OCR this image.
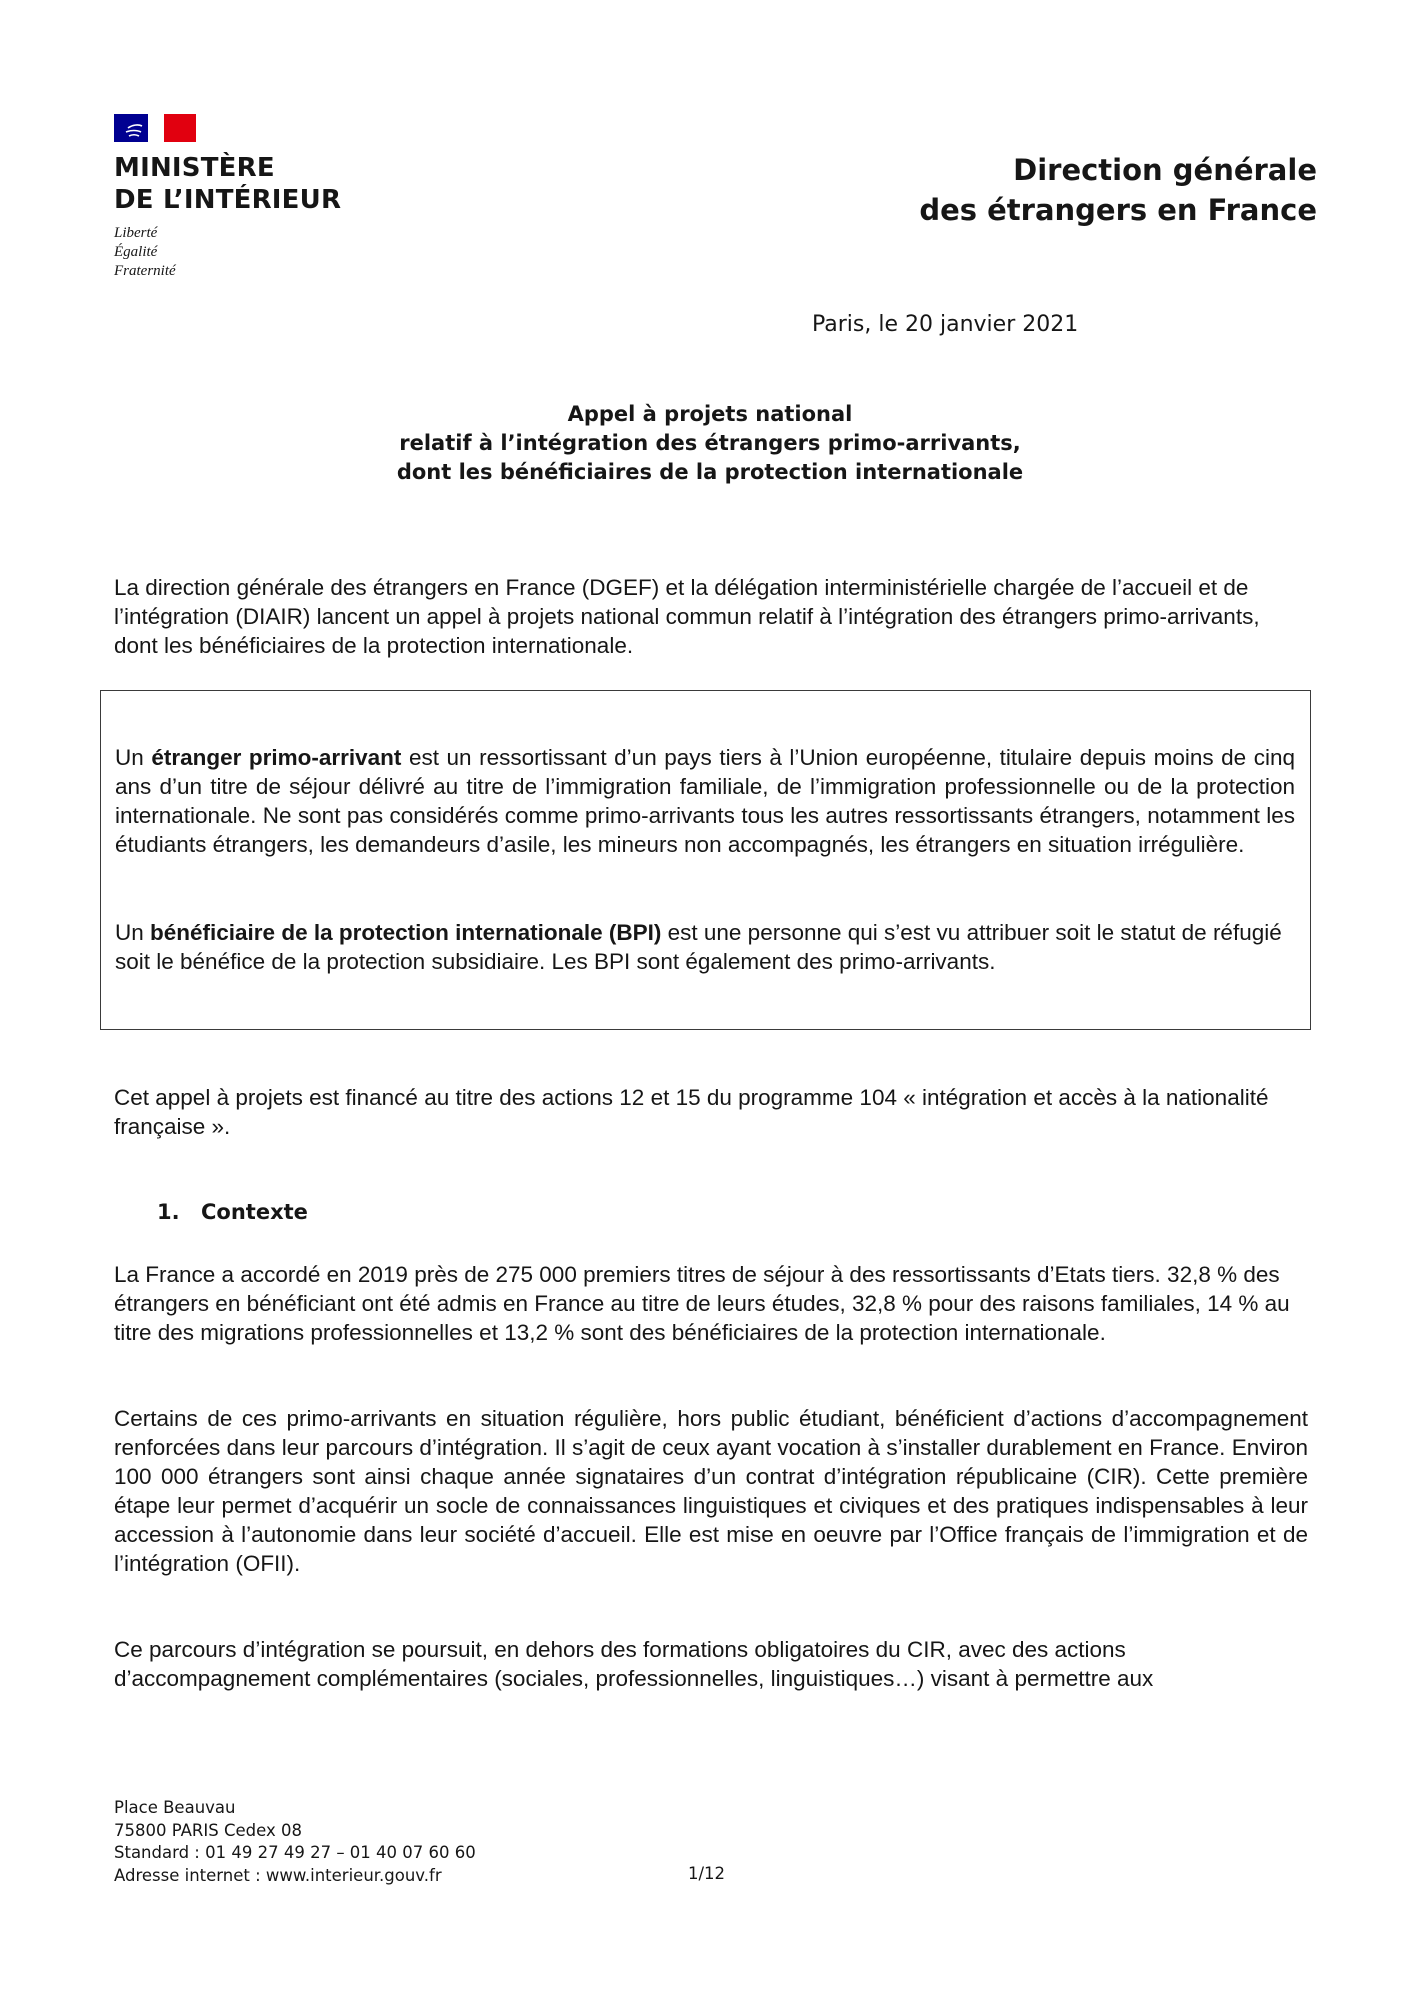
MINISTÈRE
DE L’INTÉRIEUR
Liberté
Égalité
Fraternité
Direction générale
des étrangers en France
Paris, le 20 janvier 2021
Appel à projets national
relatif à l’intégration des étrangers primo-arrivants,
dont les bénéficiaires de la protection internationale

La direction générale des étrangers en France (DGEF) et la délégation interministérielle chargée de l’accueil et de l’intégration (DIAIR) lancent un appel à projets national commun relatif à l’intégration des étrangers primo-arrivants, dont les bénéficiaires de la protection internationale.

Un étranger primo-arrivant est un ressortissant d’un pays tiers à l’Union européenne, titulaire depuis moins de cinq ans d’un titre de séjour délivré au titre de l’immigration familiale, de l’immigration professionnelle ou de la protection internationale. Ne sont pas considérés comme primo-arrivants tous les autres ressortissants étrangers, notamment les étudiants étrangers, les demandeurs d’asile, les mineurs non accompagnés, les étrangers en situation irrégulière.

Un bénéficiaire de la protection internationale (BPI) est une personne qui s’est vu attribuer soit le statut de réfugié soit le bénéfice de la protection subsidiaire. Les BPI sont également des primo-arrivants.

Cet appel à projets est financé au titre des actions 12 et 15 du programme 104 « intégration et accès à la nationalité française ».

1. Contexte

La France a accordé en 2019 près de 275 000 premiers titres de séjour à des ressortissants d’Etats tiers. 32,8 % des étrangers en bénéficiant ont été admis en France au titre de leurs études, 32,8 % pour des raisons familiales, 14 % au titre des migrations professionnelles et 13,2 % sont des bénéficiaires de la protection internationale.

Certains de ces primo-arrivants en situation régulière, hors public étudiant, bénéficient d’actions d’accompagnement renforcées dans leur parcours d’intégration. Il s’agit de ceux ayant vocation à s’installer durablement en France. Environ 100 000 étrangers sont ainsi chaque année signataires d’un contrat d’intégration républicaine (CIR). Cette première étape leur permet d’acquérir un socle de connaissances linguistiques et civiques et des pratiques indispensables à leur accession à l’autonomie dans leur société d’accueil. Elle est mise en oeuvre par l’Office français de l’immigration et de l’intégration (OFII).

Ce parcours d’intégration se poursuit, en dehors des formations obligatoires du CIR, avec des actions d’accompagnement complémentaires (sociales, professionnelles, linguistiques…) visant à permettre aux

Place Beauvau
75800 PARIS Cedex 08
Standard : 01 49 27 49 27 – 01 40 07 60 60
Adresse internet : www.interieur.gouv.fr	1/12
